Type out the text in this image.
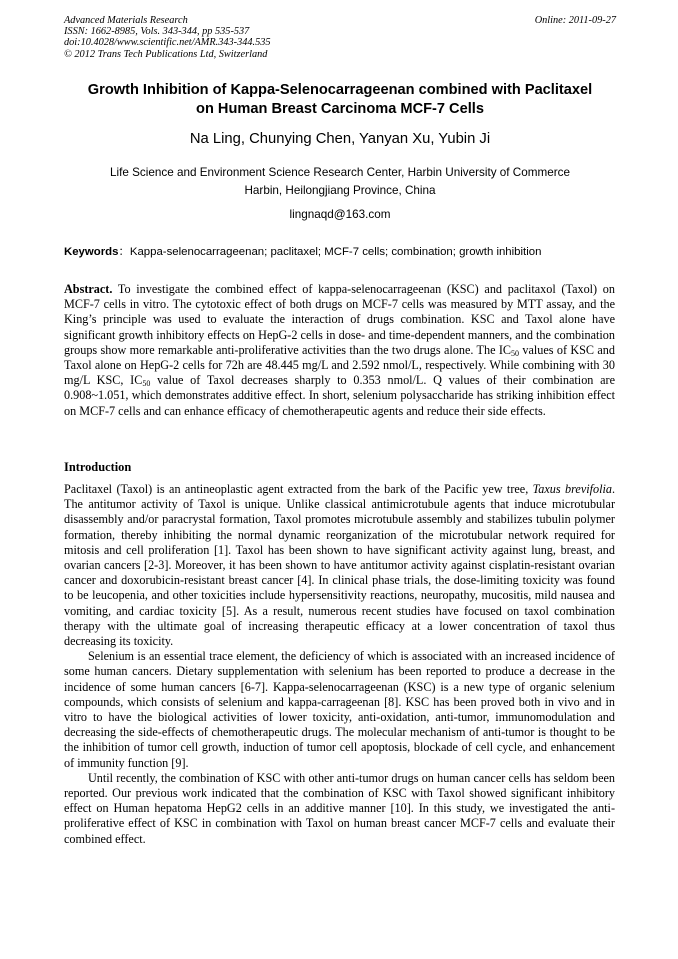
Advanced Materials Research
ISSN: 1662-8985, Vols. 343-344, pp 535-537
doi:10.4028/www.scientific.net/AMR.343-344.535
© 2012 Trans Tech Publications Ltd, Switzerland
Online: 2011-09-27
Growth Inhibition of Kappa-Selenocarrageenan combined with Paclitaxel
on Human Breast Carcinoma MCF-7 Cells
Na Ling, Chunying Chen, Yanyan Xu, Yubin Ji
Life Science and Environment Science Research Center, Harbin University of Commerce
Harbin, Heilongjiang Province, China
lingnaqd@163.com
Keywords：Kappa-selenocarrageenan; paclitaxel; MCF-7 cells; combination; growth inhibition
Abstract. To investigate the combined effect of kappa-selenocarrageenan (KSC) and paclitaxol (Taxol) on MCF-7 cells in vitro. The cytotoxic effect of both drugs on MCF-7 cells was measured by MTT assay, and the King’s principle was used to evaluate the interaction of drugs combination. KSC and Taxol alone have significant growth inhibitory effects on HepG-2 cells in dose- and time-dependent manners, and the combination groups show more remarkable anti-proliferative activities than the two drugs alone. The $IC_{50}$ values of KSC and Taxol alone on HepG-2 cells for 72h are 48.445 mg/L and 2.592 nmol/L, respectively. While combining with 30 mg/L KSC, $IC_{50}$ value of Taxol decreases sharply to 0.353 nmol/L. Q values of their combination are 0.908~1.051, which demonstrates additive effect. In short, selenium polysaccharide has striking inhibition effect on MCF-7 cells and can enhance efficacy of chemotherapeutic agents and reduce their side effects.
Introduction

Paclitaxel (Taxol) is an antineoplastic agent extracted from the bark of the Pacific yew tree, Taxus brevifolia. The antitumor activity of Taxol is unique. Unlike classical antimicrotubule agents that induce microtubular disassembly and/or paracrystal formation, Taxol promotes microtubule assembly and stabilizes tubulin polymer formation, thereby inhibiting the normal dynamic reorganization of the microtubular network required for mitosis and cell proliferation [1]. Taxol has been shown to have significant activity against lung, breast, and ovarian cancers [2-3]. Moreover, it has been shown to have antitumor activity against cisplatin-resistant ovarian cancer and doxorubicin-resistant breast cancer [4]. In clinical phase trials, the dose-limiting toxicity was found to be leucopenia, and other toxicities include hypersensitivity reactions, neuropathy, mucositis, mild nausea and vomiting, and cardiac toxicity [5]. As a result, numerous recent studies have focused on taxol combination therapy with the ultimate goal of increasing therapeutic efficacy at a lower concentration of taxol thus decreasing its toxicity.

Selenium is an essential trace element, the deficiency of which is associated with an increased incidence of some human cancers. Dietary supplementation with selenium has been reported to produce a decrease in the incidence of some human cancers [6-7]. Kappa-selenocarrageenan (KSC) is a new type of organic selenium compounds, which consists of selenium and kappa-carrageenan [8]. KSC has been proved both in vivo and in vitro to have the biological activities of lower toxicity, anti-oxidation, anti-tumor, immunomodulation and decreasing the side-effects of chemotherapeutic drugs. The molecular mechanism of anti-tumor is thought to be the inhibition of tumor cell growth, induction of tumor cell apoptosis, blockade of cell cycle, and enhancement of immunity function [9].

Until recently, the combination of KSC with other anti-tumor drugs on human cancer cells has seldom been reported. Our previous work indicated that the combination of KSC with Taxol showed significant inhibitory effect on Human hepatoma HepG2 cells in an additive manner [10]. In this study, we investigated the anti-proliferative effect of KSC in combination with Taxol on human breast cancer MCF-7 cells and evaluate their combined effect.
